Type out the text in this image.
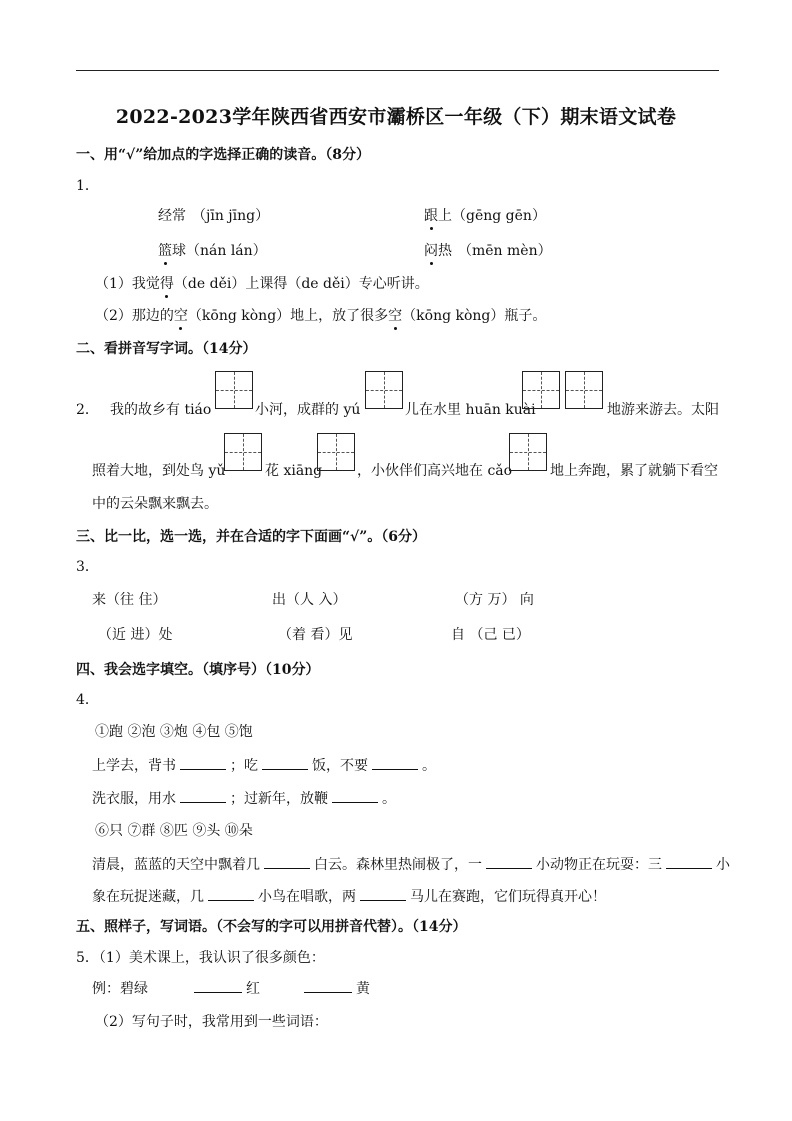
2022-2023学年陕西省西安市灞桥区一年级（下）期末语文试卷
一、用“√”给加点的字选择正确的读音。（8分）
1．
经常 （jīn jīng）	跟上（gēng gēn）
篮球（nán lán）	闷热 （mēn mèn）
（1）我觉得（de děi）上课得（de děi）专心听讲。
（2）那边的空（kōng kòng）地上，放了很多空（kōng kòng）瓶子。
二、看拼音写字词。（14分）
2． 我的故乡有 tiáo	小河，成群的 yú	儿在水里 huān kuài	地游来游去。太阳
照着大地，到处鸟 yǔ	花 xiāng ，小伙伴们高兴地在 cǎo	地上奔跑，累了就躺下看空
中的云朵飘来飘去。
三、比一比，选一选，并在合适的字下面画“√”。（6分）
3．
来（往 住）	出（人 入）	（方 万） 向
（近 进）处	（着 看）见	自 （己 已）
四、我会选字填空。（填序号）（10分）
4．
①跑 ②泡 ③炮 ④包 ⑤饱
上学去，背书	；吃	饭，不要	。
洗衣服，用水	；过新年，放鞭	。
⑥只 ⑦群 ⑧匹 ⑨头 ⑩朵
清晨，蓝蓝的天空中飘着几	白云。森林里热闹极了，一	小动物正在玩耍：三	小
象在玩捉迷藏，几	小鸟在唱歌，两	马儿在赛跑，它们玩得真开心！
五、照样子，写词语。（不会写的字可以用拼音代替）。（14分）
5．（1）美术课上，我认识了很多颜色：
例：碧绿	红	黄
（2）写句子时，我常用到一些词语：
